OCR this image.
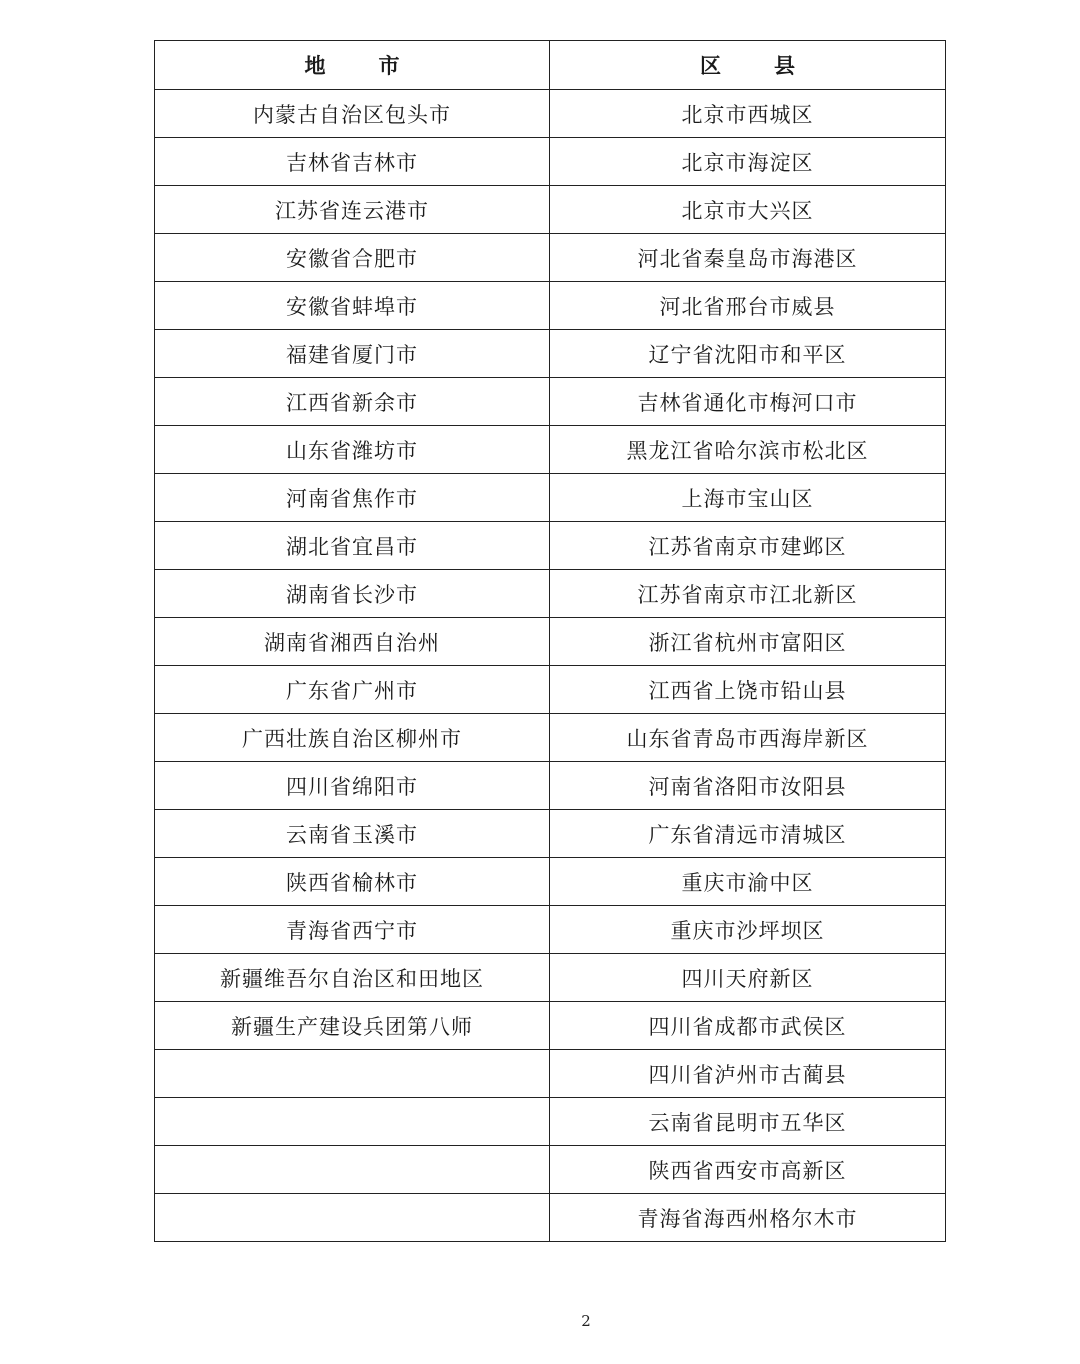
地　市	区　县
内蒙古自治区包头市	北京市西城区
吉林省吉林市	北京市海淀区
江苏省连云港市	北京市大兴区
安徽省合肥市	河北省秦皇岛市海港区
安徽省蚌埠市	河北省邢台市威县
福建省厦门市	辽宁省沈阳市和平区
江西省新余市	吉林省通化市梅河口市
山东省潍坊市	黑龙江省哈尔滨市松北区
河南省焦作市	上海市宝山区
湖北省宜昌市	江苏省南京市建邺区
湖南省长沙市	江苏省南京市江北新区
湖南省湘西自治州	浙江省杭州市富阳区
广东省广州市	江西省上饶市铅山县
广西壮族自治区柳州市	山东省青岛市西海岸新区
四川省绵阳市	河南省洛阳市汝阳县
云南省玉溪市	广东省清远市清城区
陕西省榆林市	重庆市渝中区
青海省西宁市	重庆市沙坪坝区
新疆维吾尔自治区和田地区	四川天府新区
新疆生产建设兵团第八师	四川省成都市武侯区
	四川省泸州市古蔺县
	云南省昆明市五华区
	陕西省西安市高新区
	青海省海西州格尔木市
2
